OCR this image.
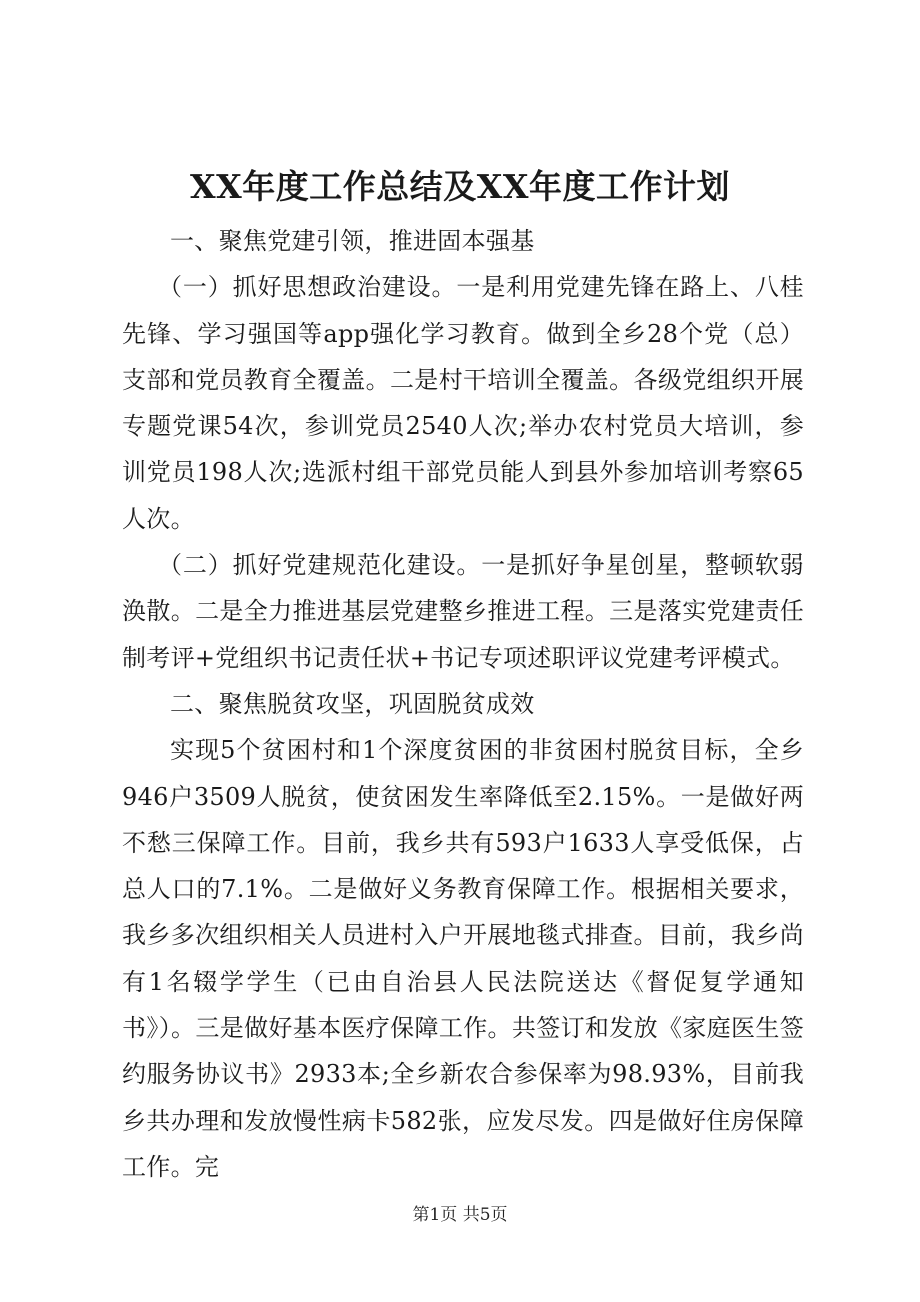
XX年度工作总结及XX年度工作计划

一、聚焦党建引领，推进固本强基

（一）抓好思想政治建设。一是利用党建先锋在路上、八桂先锋、学习强国等app强化学习教育。做到全乡28个党（总）支部和党员教育全覆盖。二是村干培训全覆盖。各级党组织开展专题党课54次，参训党员2540人次;举办农村党员大培训，参训党员198人次;选派村组干部党员能人到县外参加培训考察65人次。

（二）抓好党建规范化建设。一是抓好争星创星，整顿软弱涣散。二是全力推进基层党建整乡推进工程。三是落实党建责任制考评+党组织书记责任状+书记专项述职评议党建考评模式。

二、聚焦脱贫攻坚，巩固脱贫成效

实现5个贫困村和1个深度贫困的非贫困村脱贫目标，全乡946户3509人脱贫，使贫困发生率降低至2.15%。一是做好两不愁三保障工作。目前，我乡共有593户1633人享受低保，占总人口的7.1%。二是做好义务教育保障工作。根据相关要求，我乡多次组织相关人员进村入户开展地毯式排查。目前，我乡尚有1名辍学学生（已由自治县人民法院送达《督促复学通知书》）。三是做好基本医疗保障工作。共签订和发放《家庭医生签约服务协议书》2933本;全乡新农合参保率为98.93%，目前我乡共办理和发放慢性病卡582张，应发尽发。四是做好住房保障工作。完

第1页 共5页
